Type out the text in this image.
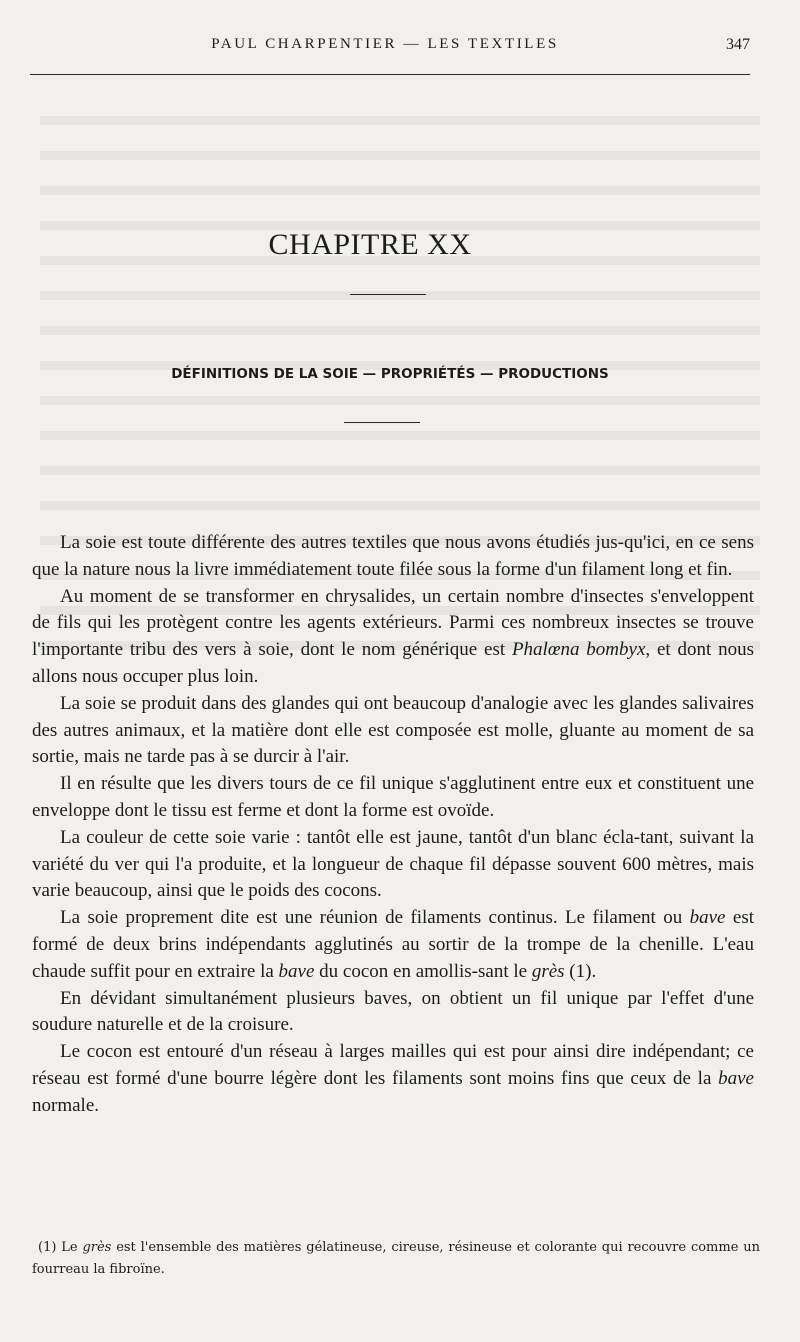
PAUL CHARPENTIER — LES TEXTILES	347
CHAPITRE XX
DÉFINITIONS DE LA SOIE — PROPRIÉTÉS — PRODUCTIONS

La soie est toute différente des autres textiles que nous avons étudiés jus-qu'ici, en ce sens que la nature nous la livre immédiatement toute filée sous la forme d'un filament long et fin.

Au moment de se transformer en chrysalides, un certain nombre d'insectes s'enveloppent de fils qui les protègent contre les agents extérieurs. Parmi ces nombreux insectes se trouve l'importante tribu des vers à soie, dont le nom générique est Phalœna bombyx, et dont nous allons nous occuper plus loin.

La soie se produit dans des glandes qui ont beaucoup d'analogie avec les glandes salivaires des autres animaux, et la matière dont elle est composée est molle, gluante au moment de sa sortie, mais ne tarde pas à se durcir à l'air.

Il en résulte que les divers tours de ce fil unique s'agglutinent entre eux et constituent une enveloppe dont le tissu est ferme et dont la forme est ovoïde.

La couleur de cette soie varie : tantôt elle est jaune, tantôt d'un blanc écla-tant, suivant la variété du ver qui l'a produite, et la longueur de chaque fil dépasse souvent 600 mètres, mais varie beaucoup, ainsi que le poids des cocons.

La soie proprement dite est une réunion de filaments continus. Le filament ou bave est formé de deux brins indépendants agglutinés au sortir de la trompe de la chenille. L'eau chaude suffit pour en extraire la bave du cocon en amollis-sant le grès (1).

En dévidant simultanément plusieurs baves, on obtient un fil unique par l'effet d'une soudure naturelle et de la croisure.

Le cocon est entouré d'un réseau à larges mailles qui est pour ainsi dire indépendant; ce réseau est formé d'une bourre légère dont les filaments sont moins fins que ceux de la bave normale.

(1) Le grès est l'ensemble des matières gélatineuse, cireuse, résineuse et colorante qui recouvre comme un fourreau la fibroïne.
